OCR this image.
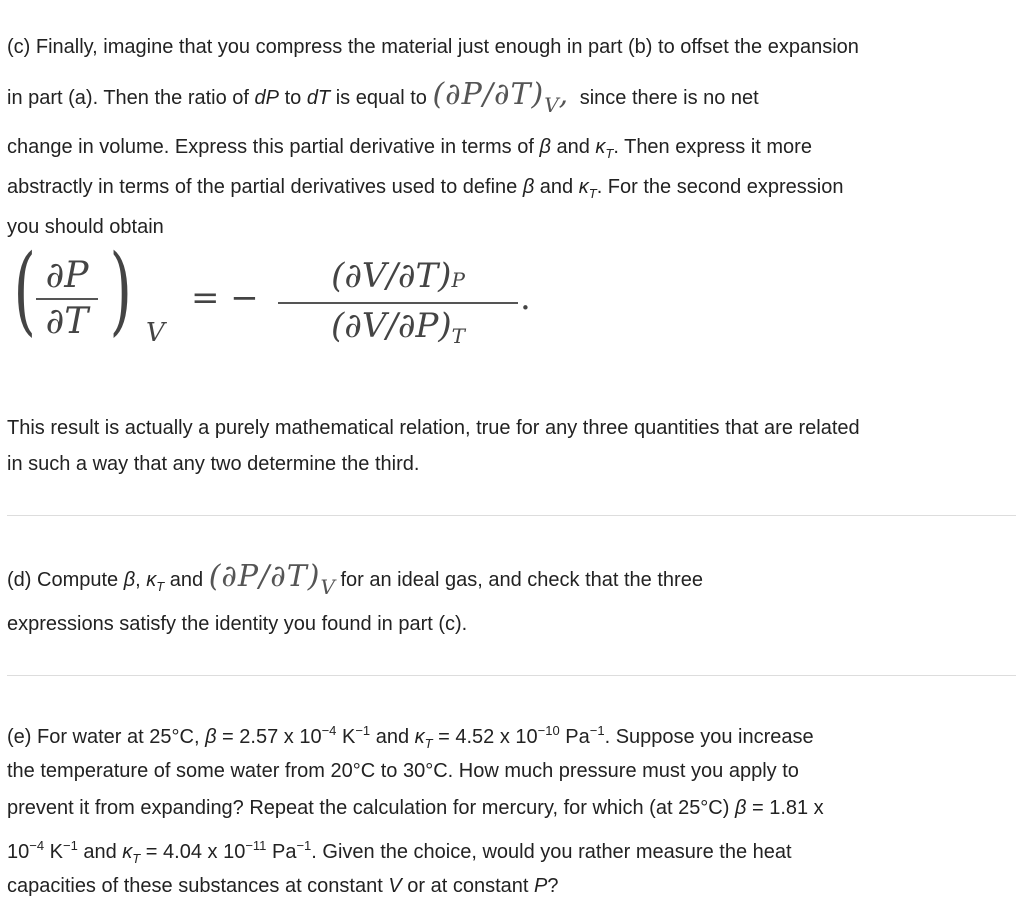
(c) Finally, imagine that you compress the material just enough in part (b) to offset the expansion
in part (a). Then the ratio of dP to dT is equal to (∂P/∂T)V, since there is no net
change in volume. Express this partial derivative in terms of β and $\kappa_T$. Then express it more
abstractly in terms of the partial derivatives used to define β and $\kappa_T$. For the second expression
you should obtain
( ∂P
∂T ) V
= −
(∂V/∂T)P
(∂V/∂P)T
.
This result is actually a purely mathematical relation, true for any three quantities that are related
in such a way that any two determine the third.
(d) Compute β, $\kappa_T$ and (∂P/∂T)V for an ideal gas, and check that the three
expressions satisfy the identity you found in part (c).
(e) For water at 25°C, β = 2.57 x $10^{-4}$ $K^{-1}$ and $\kappa_T = 4.52$ x $10^{-10}$ $Pa^{-1}$. Suppose you increase
the temperature of some water from 20°C to 30°C. How much pressure must you apply to
prevent it from expanding? Repeat the calculation for mercury, for which (at 25°C) β = 1.81 x
$10^{-4}$ $K^{-1}$ and $\kappa_T = 4.04$ x $10^{-11}$ $Pa^{-1}$. Given the choice, would you rather measure the heat
capacities of these substances at constant V or at constant P?
